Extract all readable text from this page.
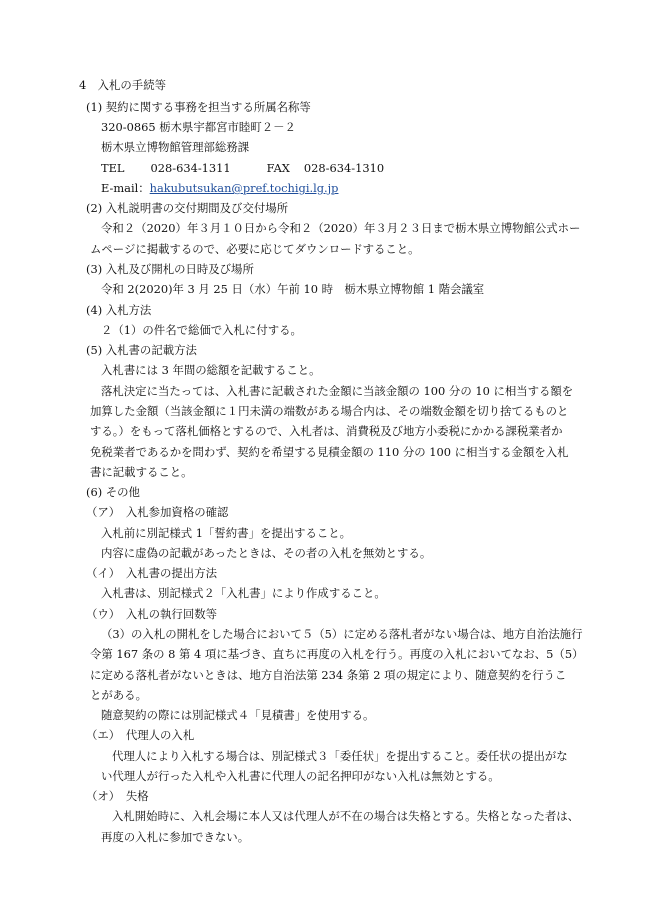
4　入札の手続等
(1) 契約に関する事務を担当する所属名称等
320-0865 栃木県宇都宮市睦町２－２
栃木県立博物館管理部総務課
TEL 028-634-1311	FAX 028-634-1310
E-mail：hakubutsukan@pref.tochigi.lg.jp
(2) 入札説明書の交付期間及び交付場所
令和２（2020）年３月１０日から令和２（2020）年３月２３日まで栃木県立博物館公式ホー
ムページに掲載するので、必要に応じてダウンロードすること。
(3) 入札及び開札の日時及び場所
令和 2(2020)年 3 月 25 日（水）午前 10 時　栃木県立博物館 1 階会議室
(4) 入札方法
２（1）の件名で総価で入札に付する。
(5) 入札書の記載方法
入札書には 3 年間の総額を記載すること。
落札決定に当たっては、入札書に記載された金額に当該金額の 100 分の 10 に相当する額を
加算した金額（当該金額に１円未満の端数がある場合内は、その端数金額を切り捨てるものと
する。）をもって落札価格とするので、入札者は、消費税及び地方小委税にかかる課税業者か
免税業者であるかを問わず、契約を希望する見積金額の 110 分の 100 に相当する金額を入札
書に記載すること。
(6) その他
（ア）　入札参加資格の確認
入札前に別記様式 1「誓約書」を提出すること。
内容に虚偽の記載があったときは、その者の入札を無効とする。
（イ）　入札書の提出方法
入札書は、別記様式２「入札書」により作成すること。
（ウ）　入札の執行回数等
（3）の入札の開札をした場合において５（5）に定める落札者がない場合は、地方自治法施行
令第 167 条の 8 第 4 項に基づき、直ちに再度の入札を行う。再度の入札においてなお、5（5）
に定める落札者がないときは、地方自治法第 234 条第 2 項の規定により、随意契約を行うこ
とがある。
随意契約の際には別記様式４「見積書」を使用する。
（エ）　代理人の入札
代理人により入札する場合は、別記様式３「委任状」を提出すること。委任状の提出がな
い代理人が行った入札や入札書に代理人の記名押印がない入札は無効とする。
（オ）　失格
入札開始時に、入札会場に本人又は代理人が不在の場合は失格とする。失格となった者は、
再度の入札に参加できない。
